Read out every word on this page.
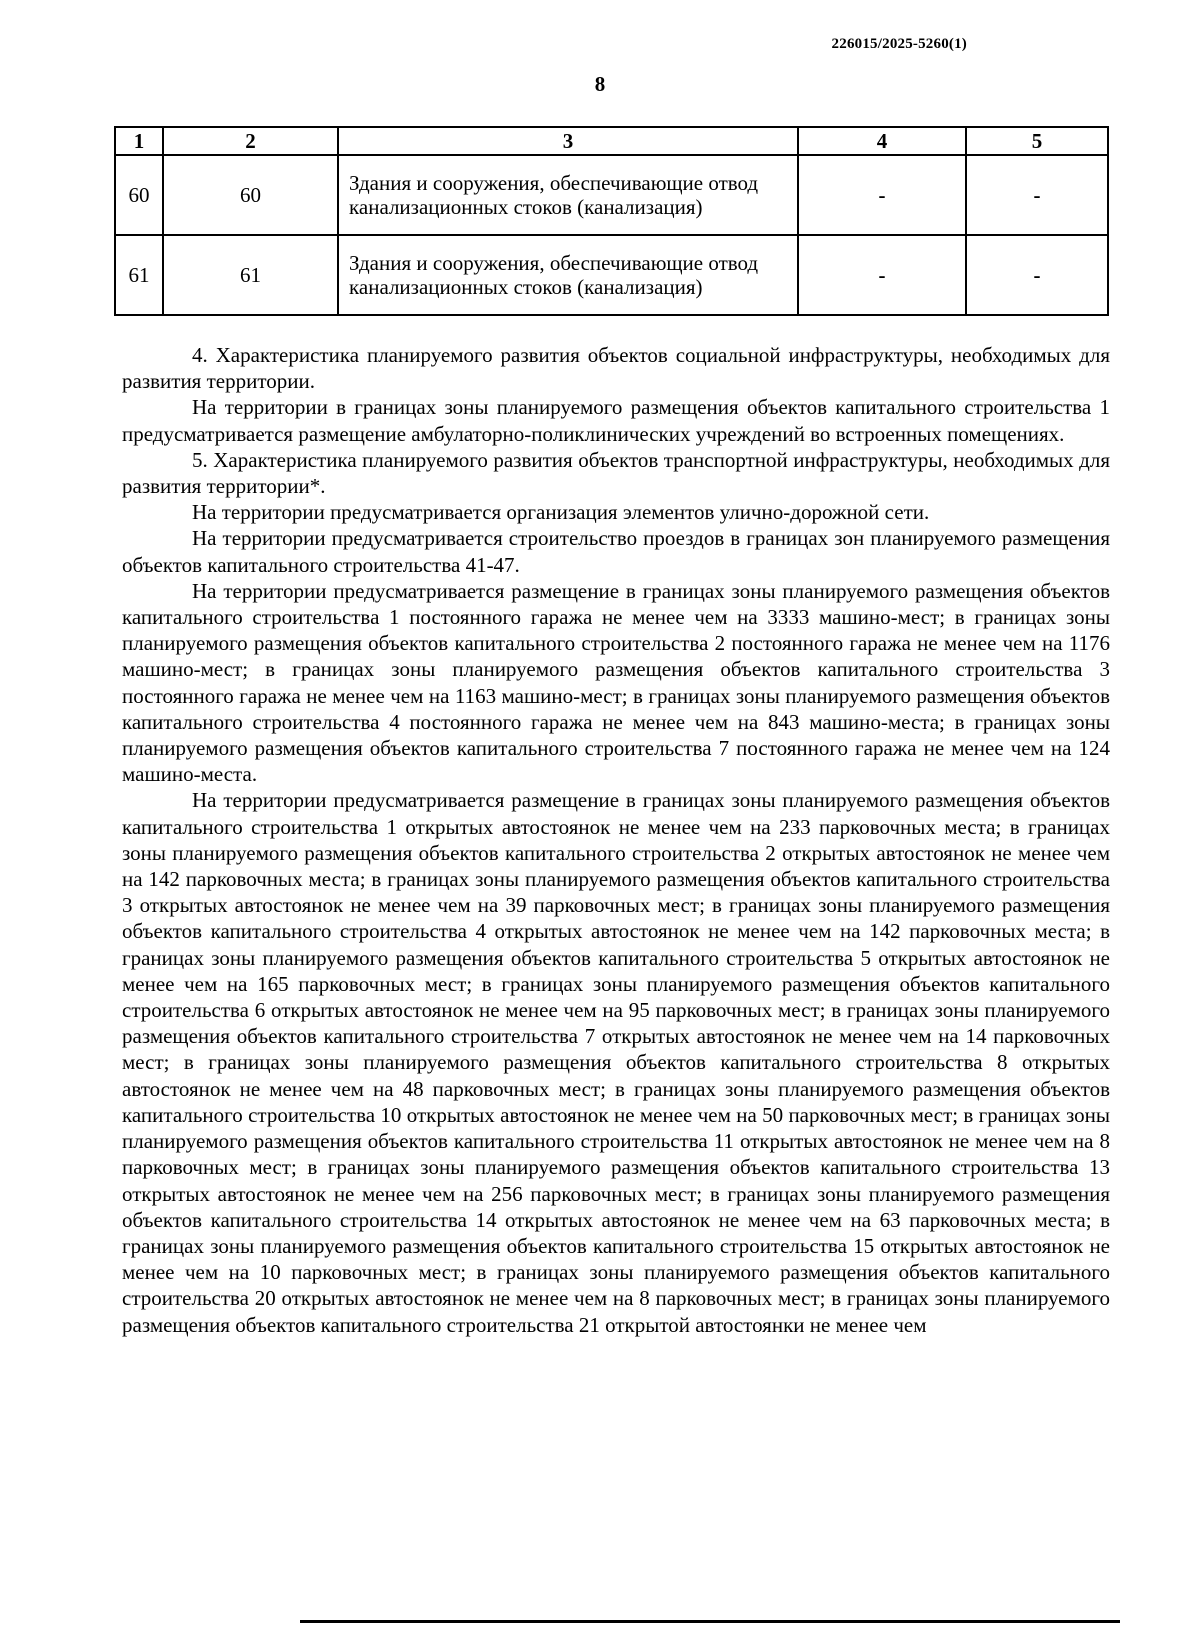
226015/2025-5260(1)
8
1	2	3	4	5
60	60	Здания и сооружения, обеспечивающие отвод канализационных стоков (канализация)	-	-
61	61	Здания и сооружения, обеспечивающие отвод канализационных стоков (канализация)	-	-

4. Характеристика планируемого развития объектов социальной инфраструктуры, необходимых для развития территории.

На территории в границах зоны планируемого размещения объектов капитального строительства 1 предусматривается размещение амбулаторно-поликлинических учреждений во встроенных помещениях.

5. Характеристика планируемого развития объектов транспортной инфраструктуры, необходимых для развития территории*.

На территории предусматривается организация элементов улично-дорожной сети.

На территории предусматривается строительство проездов в границах зон планируемого размещения объектов капитального строительства 41-47.

На территории предусматривается размещение в границах зоны планируемого размещения объектов капитального строительства 1 постоянного гаража не менее чем на 3333 машино-мест; в границах зоны планируемого размещения объектов капитального строительства 2 постоянного гаража не менее чем на 1176 машино-мест; в границах зоны планируемого размещения объектов капитального строительства 3 постоянного гаража не менее чем на 1163 машино-мест; в границах зоны планируемого размещения объектов капитального строительства 4 постоянного гаража не менее чем на 843 машино-места; в границах зоны планируемого размещения объектов капитального строительства 7 постоянного гаража не менее чем на 124 машино-места.

На территории предусматривается размещение в границах зоны планируемого размещения объектов капитального строительства 1 открытых автостоянок не менее чем на 233 парковочных места; в границах зоны планируемого размещения объектов капитального строительства 2 открытых автостоянок не менее чем на 142 парковочных места; в границах зоны планируемого размещения объектов капитального строительства 3 открытых автостоянок не менее чем на 39 парковочных мест; в границах зоны планируемого размещения объектов капитального строительства 4 открытых автостоянок не менее чем на 142 парковочных места; в границах зоны планируемого размещения объектов капитального строительства 5 открытых автостоянок не менее чем на 165 парковочных мест; в границах зоны планируемого размещения объектов капитального строительства 6 открытых автостоянок не менее чем на 95 парковочных мест; в границах зоны планируемого размещения объектов капитального строительства 7 открытых автостоянок не менее чем на 14 парковочных мест; в границах зоны планируемого размещения объектов капитального строительства 8 открытых автостоянок не менее чем на 48 парковочных мест; в границах зоны планируемого размещения объектов капитального строительства 10 открытых автостоянок не менее чем на 50 парковочных мест; в границах зоны планируемого размещения объектов капитального строительства 11 открытых автостоянок не менее чем на 8 парковочных мест; в границах зоны планируемого размещения объектов капитального строительства 13 открытых автостоянок не менее чем на 256 парковочных мест; в границах зоны планируемого размещения объектов капитального строительства 14 открытых автостоянок не менее чем на 63 парковочных места; в границах зоны планируемого размещения объектов капитального строительства 15 открытых автостоянок не менее чем на 10 парковочных мест; в границах зоны планируемого размещения объектов капитального строительства 20 открытых автостоянок не менее чем на 8 парковочных мест; в границах зоны планируемого размещения объектов капитального строительства 21 открытой автостоянки не менее чем
